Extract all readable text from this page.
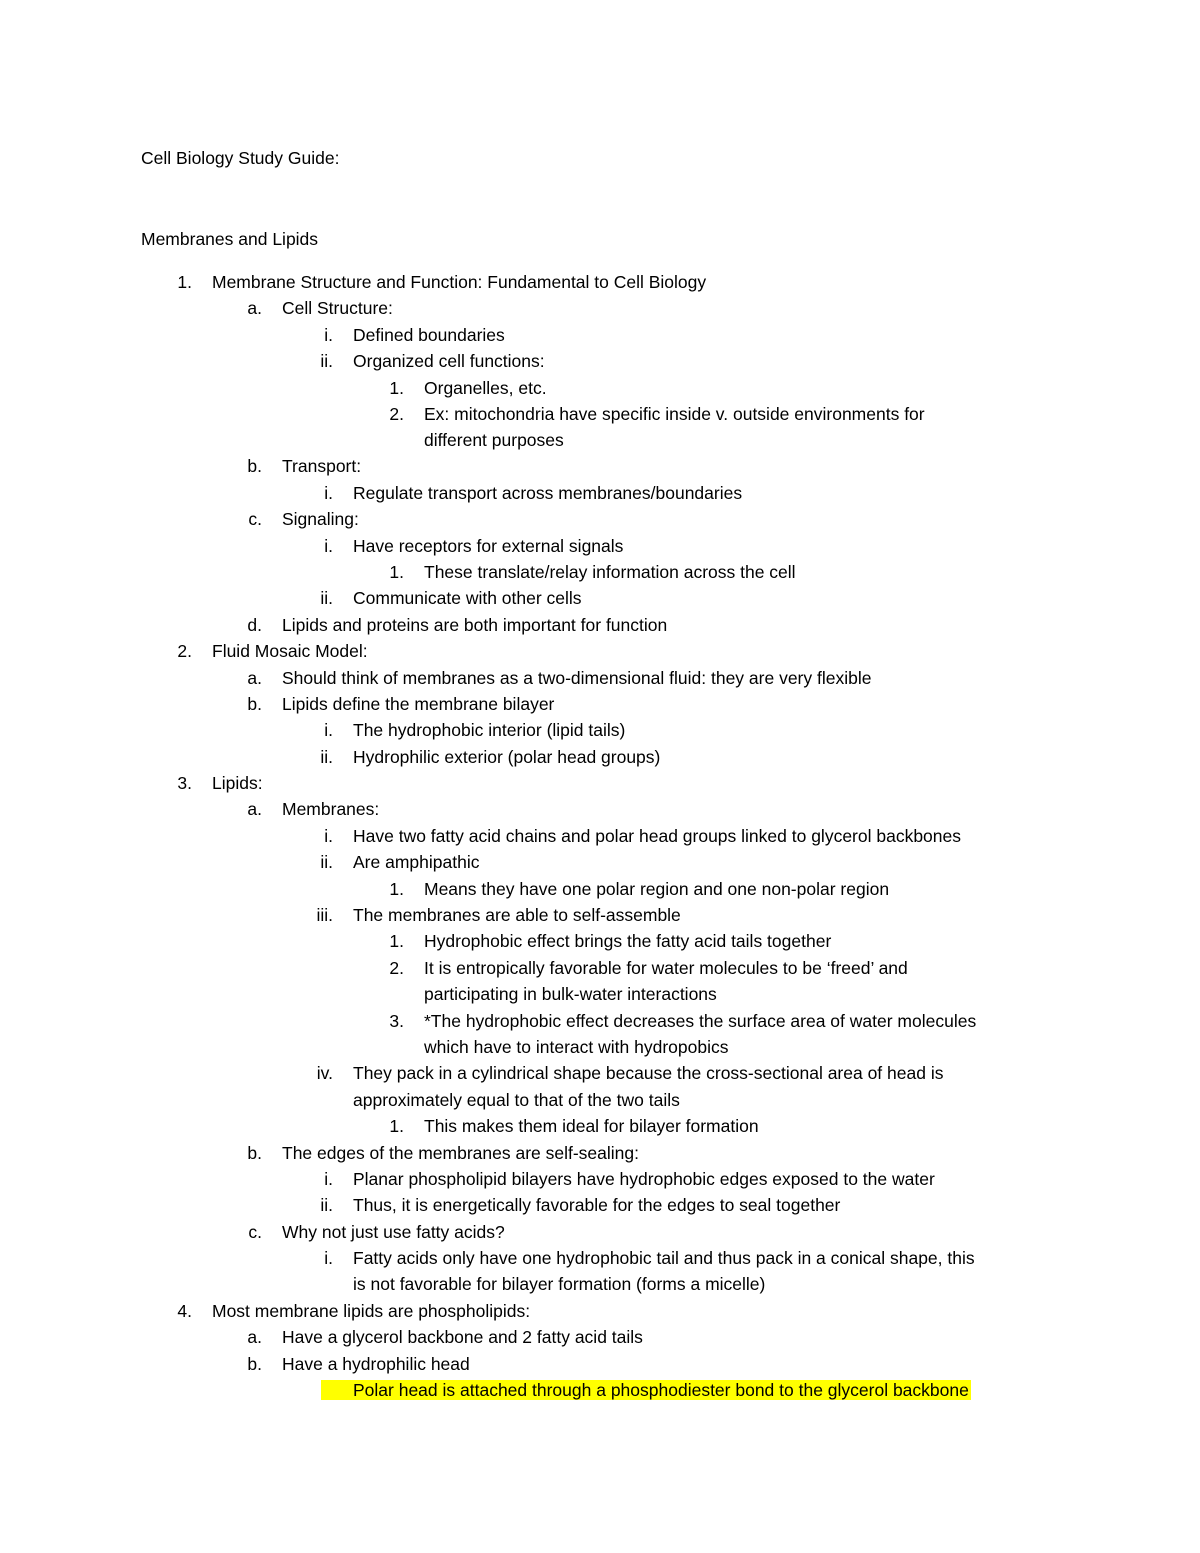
Cell Biology Study Guide:
Membranes and Lipids
1. Membrane Structure and Function: Fundamental to Cell Biology
a. Cell Structure:
i. Defined boundaries
ii. Organized cell functions:
1. Organelles, etc.
2. Ex: mitochondria have specific inside v. outside environments for
different purposes
b. Transport:
i. Regulate transport across membranes/boundaries
c. Signaling:
i. Have receptors for external signals
1. These translate/relay information across the cell
ii. Communicate with other cells
d. Lipids and proteins are both important for function
2. Fluid Mosaic Model:
a. Should think of membranes as a two-dimensional fluid: they are very flexible
b. Lipids define the membrane bilayer
i. The hydrophobic interior (lipid tails)
ii. Hydrophilic exterior (polar head groups)
3. Lipids:
a. Membranes:
i. Have two fatty acid chains and polar head groups linked to glycerol backbones
ii. Are amphipathic
1. Means they have one polar region and one non-polar region
iii. The membranes are able to self-assemble
1. Hydrophobic effect brings the fatty acid tails together
2. It is entropically favorable for water molecules to be ‘freed’ and
participating in bulk-water interactions
3. *The hydrophobic effect decreases the surface area of water molecules
which have to interact with hydropobics
iv. They pack in a cylindrical shape because the cross-sectional area of head is
approximately equal to that of the two tails
1. This makes them ideal for bilayer formation
b. The edges of the membranes are self-sealing:
i. Planar phospholipid bilayers have hydrophobic edges exposed to the water
ii. Thus, it is energetically favorable for the edges to seal together
c. Why not just use fatty acids?
i. Fatty acids only have one hydrophobic tail and thus pack in a conical shape, this
is not favorable for bilayer formation (forms a micelle)
4. Most membrane lipids are phospholipids:
a. Have a glycerol backbone and 2 fatty acid tails
b. Have a hydrophilic head
Polar head is attached through a phosphodiester bond to the glycerol backbone
